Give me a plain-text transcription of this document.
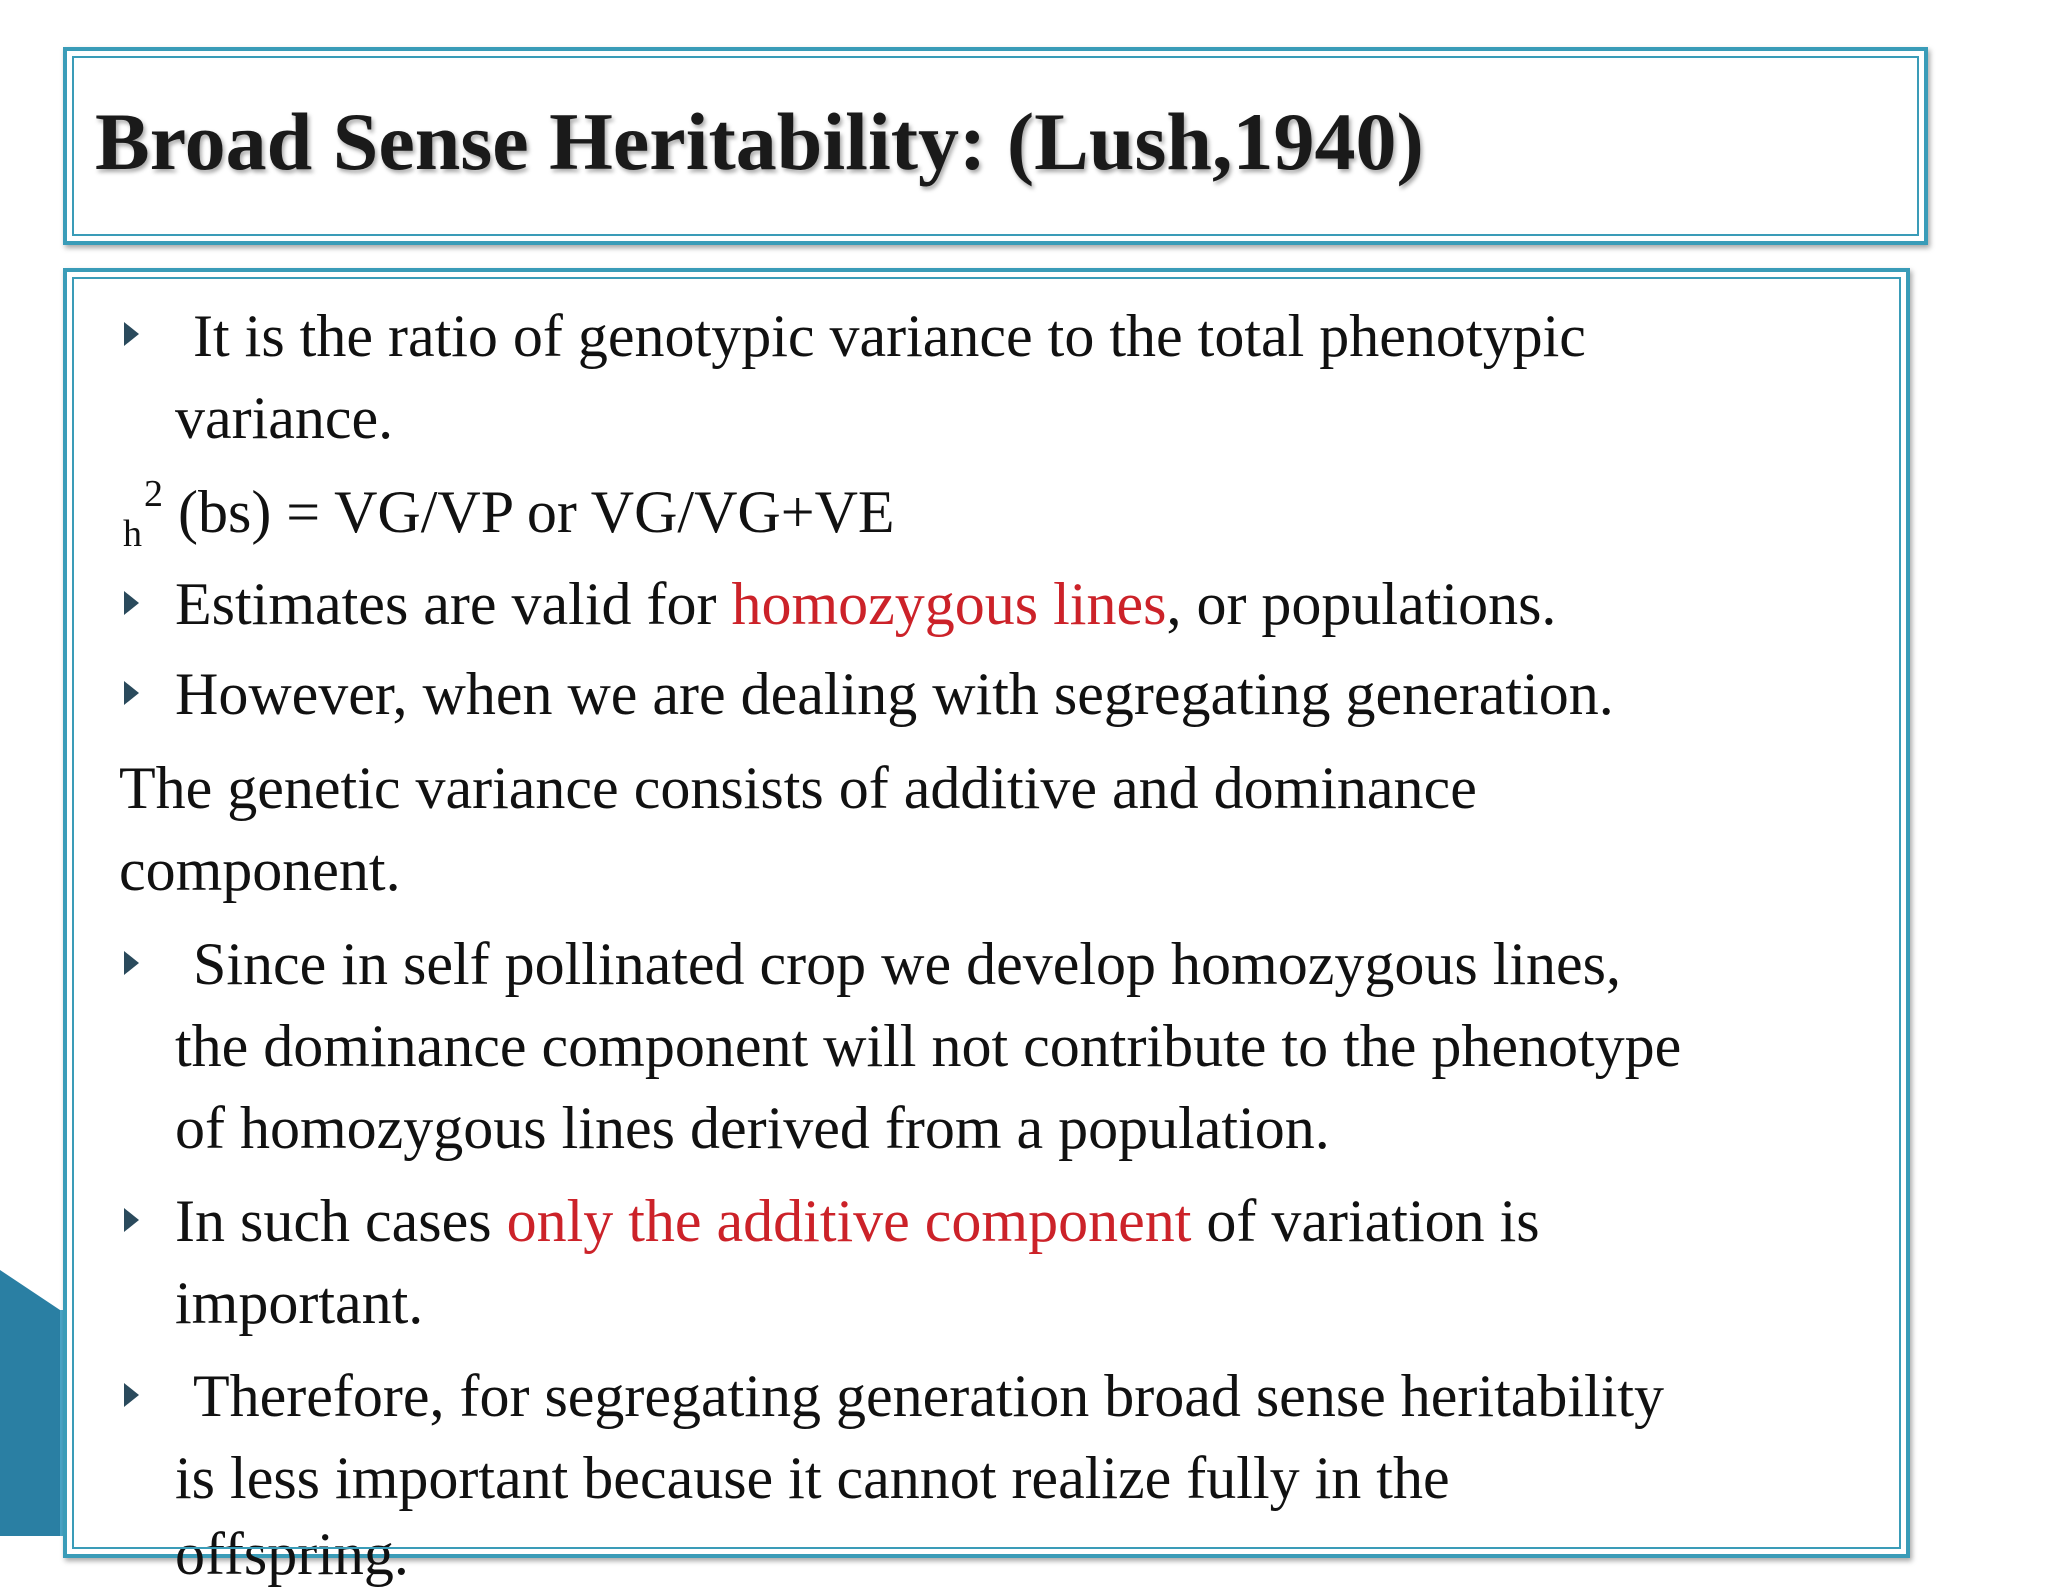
Broad Sense Heritability: (Lush,1940)
It is the ratio of genotypic variance to the total phenotypic
variance.
$_h^2$ (bs) = VG/VP or VG/VG+VE
Estimates are valid for homozygous lines, or populations.
However, when we are dealing with segregating generation.
The genetic variance consists of additive and dominance
component.
Since in self pollinated crop we develop homozygous lines,
the dominance component will not contribute to the phenotype
of homozygous lines derived from a population.
In such cases only the additive component of variation is
important.
Therefore, for segregating generation broad sense heritability
is less important because it cannot realize fully in the
offspring.
